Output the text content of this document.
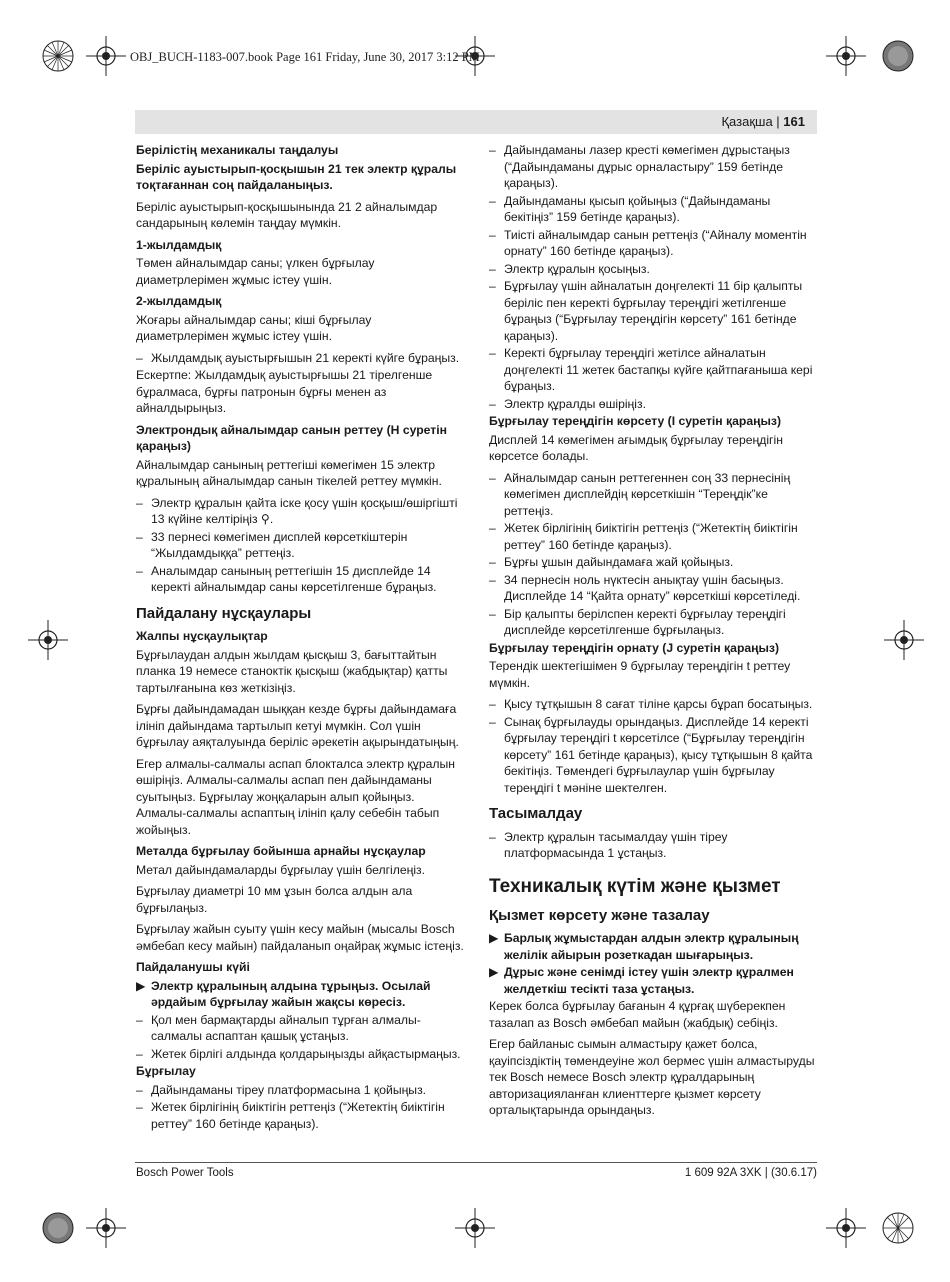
OBJ_BUCH-1183-007.book Page 161 Friday, June 30, 2017 3:12 PM
Қазақша | 161
Берілістің механикалы таңдалуы
Беріліс ауыстырып-қосқышын 21 тек электр құралы тоқтағаннан соң пайдаланыңыз.
Беріліс ауыстырып-қосқышынында 21 2 айналымдар сандарының көлемін таңдау мүмкін.
1-жылдамдық
Төмен айналымдар саны; үлкен бұрғылау диаметрлерімен жұмыс істеу үшін.
2-жылдамдық
Жоғары айналымдар саны; кіші бұрғылау диаметрлерімен жұмыс істеу үшін.
– Жылдамдық ауыстырғышын 21 керекті күйге бұраңыз.
Ескертпе: Жылдамдық ауыстырғышы 21 тірелгенше бұралмаса, бұрғы патронын бұрғы менен аз айналдырыңыз.
Электрондық айналымдар санын реттеу (H суретін қараңыз)
Айналымдар санының реттегіші көмегімен 15 электр құралының айналымдар санын тікелей реттеу мүмкін.
– Электр құралын қайта іске қосу үшін қосқыш/өшіргішті 13 күйіне келтіріңіз ⚲.
– 33 пернесі көмегімен дисплей көрсеткіштерін “Жылдамдыққа” реттеңіз.
– Аналымдар санының реттегішін 15 дисплейде 14 керекті айналымдар саны көрсетілгенше бұраңыз.
Пайдалану нұсқаулары
Жалпы нұсқаулықтар
Бұрғылаудан алдын жылдам қысқыш 3, бағыттайтын планка 19 немесе станоктік қысқыш (жабдықтар) қатты тартылғанына көз жеткізіңіз.
Бұрғы дайындамадан шыққан кезде бұрғы дайындамаға ілініп дайындама тартылып кетуі мүмкін. Сол үшін бұрғылау аяқталуында беріліс әрекетін ақырындатыңың.
Егер алмалы-салмалы аспап блокталса электр құралын өшіріңіз. Алмалы-салмалы аспап пен дайындаманы суытыңыз. Бұрғылау жоңқаларын алып қойыңыз. Алмалы-салмалы аспаптың ілініп қалу себебін табып жойыңыз.
Металда бұрғылау бойынша арнайы нұсқаулар
Метал дайындамаларды бұрғылау үшін белгілеңіз.
Бұрғылау диаметрі 10 мм ұзын болса алдын ала бұрғылаңыз.
Бұрғылау жайын суыту үшін кесу майын (мысалы Bosch әмбебап кесу майын) пайдаланып оңайрақ жұмыс істеңіз.
Пайдаланушы күйі
▶ Электр құралының алдына тұрыңыз. Осылай әрдайым бұрғылау жайын жақсы көресіз.
– Қол мен бармақтарды айналып тұрған алмалы-салмалы аспаптан қашық ұстаңыз.
– Жетек бірлігі алдында қолдарыңызды айқастырмаңыз.
Бұрғылау
– Дайындаманы тіреу платформасына 1 қойыңыз.
– Жетек бірлігінің биіктігін реттеңіз (“Жетектің биіктігін реттеу” 160 бетінде қараңыз).
– Дайындаманы лазер кресті көмегімен дұрыстаңыз (“Дайындаманы дұрыс орналастыру” 159 бетінде қараңыз).
– Дайындаманы қысып қойыңыз (“Дайындаманы бекітіңіз” 159 бетінде қараңыз).
– Тиісті айналымдар санын реттеңіз (“Айналу моментін орнату” 160 бетінде қараңыз).
– Электр құралын қосыңыз.
– Бұрғылау үшін айналатын доңгелекті 11 бір қалыпты беріліс пен керекті бұрғылау тереңдігі жетілгенше бұраңыз (“Бұрғылау тереңдігін көрсету” 161 бетінде қараңыз).
– Керекті бұрғылау тереңдігі жетілсе айналатын доңгелекті 11 жетек бастапқы күйге қайтпағаныша кері бұраңыз.
– Электр құралды өшіріңіз.
Бұрғылау тереңдігін көрсету (I суретін қараңыз)
Дисплей 14 көмегімен ағымдық бұрғылау тереңдігін көрсетсе болады.
– Айналымдар санын реттегеннен соң 33 пернесінің көмегімен дисплейдің көрсеткішін “Тереңдік”ке реттеңіз.
– Жетек бірлігінің биіктігін реттеңіз (“Жетектің биіктігін реттеу” 160 бетінде қараңыз).
– Бұрғы ұшын дайындамаға жай қойыңыз.
– 34 пернесін ноль нүктесін анықтау үшін басыңыз. Дисплейде 14 “Қайта орнату” көрсеткіші көрсетіледі.
– Бір қалыпты берілспен керекті бұрғылау тереңдігі дисплейде көрсетілгенше бұрғылаңыз.
Бұрғылау тереңдігін орнату (J суретін қараңыз)
Терендік шектегішімен 9 бұрғылау тереңдігін t реттеу мүмкін.
– Қысу тұтқышын 8 сағат тіліне қарсы бұрап босатыңыз.
– Сынақ бұрғылауды орындаңыз. Дисплейде 14 керекті бұрғылау тереңдігі t көрсетілсе (“Бұрғылау тереңдігін көрсету” 161 бетінде қараңыз), қысу тұтқышын 8 қайта бекітіңіз. Төмендегі бұрғылаулар үшін бұрғылау тереңдігі t мәніне шектелген.
Тасымалдау
– Электр құралын тасымалдау үшін тіреу платформасында 1 ұстаңыз.
Техникалық күтім және қызмет
Қызмет көрсету және тазалау
▶ Барлық жұмыстардан алдын электр құралының желілік айырын розеткадан шығарыңыз.
▶ Дұрыс және сенімді істеу үшін электр құралмен желдеткіш тесікті таза ұстаңыз.
Керек болса бұрғылау бағанын 4 құрғақ шүберекпен тазалап аз Bosch әмбебап майын (жабдық) себіңіз.
Егер байланыс сымын алмастыру қажет болса, қауіпсіздіктің төмендеуіне жол бермес үшін алмастыруды тек Bosch немесе Bosch электр құралдарының авторизацияланған клиенттерге қызмет көрсету орталықтарында орындаңыз.
Bosch Power Tools	1 609 92A 3XK | (30.6.17)
